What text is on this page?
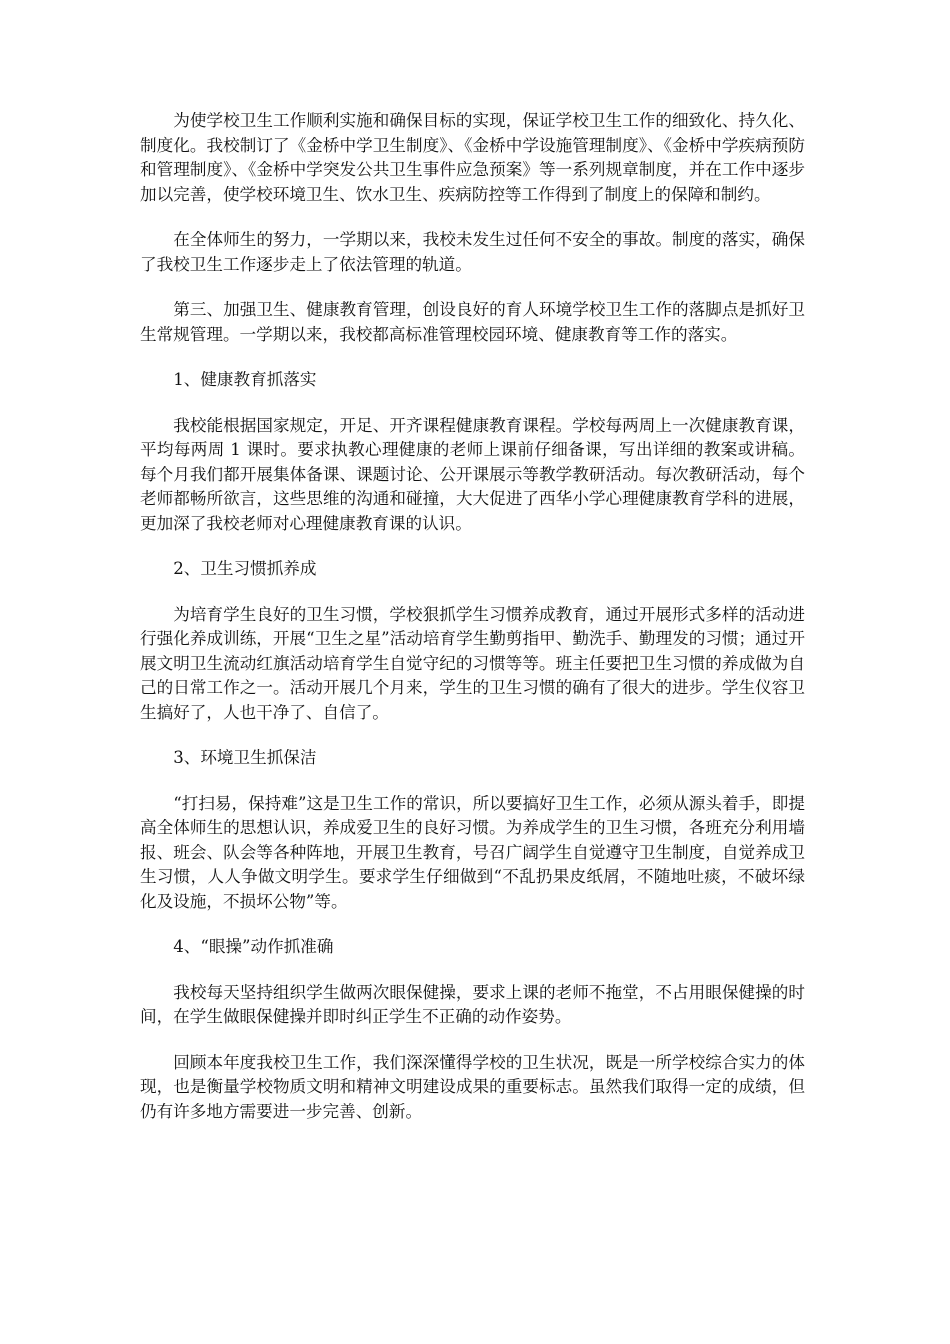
为使学校卫生工作顺利实施和确保目标的实现，保证学校卫生工作的细致化、持久化、制度化。我校制订了《金桥中学卫生制度》、《金桥中学设施管理制度》、《金桥中学疾病预防和管理制度》、《金桥中学突发公共卫生事件应急预案》等一系列规章制度，并在工作中逐步加以完善，使学校环境卫生、饮水卫生、疾病防控等工作得到了制度上的保障和制约。

在全体师生的努力，一学期以来，我校未发生过任何不安全的事故。制度的落实，确保了我校卫生工作逐步走上了依法管理的轨道。

第三、加强卫生、健康教育管理，创设良好的育人环境学校卫生工作的落脚点是抓好卫生常规管理。一学期以来，我校都高标准管理校园环境、健康教育等工作的落实。

1、健康教育抓落实

我校能根据国家规定，开足、开齐课程健康教育课程。学校每两周上一次健康教育课，平均每两周 1 课时。要求执教心理健康的老师上课前仔细备课，写出详细的教案或讲稿。每个月我们都开展集体备课、课题讨论、公开课展示等教学教研活动。每次教研活动，每个老师都畅所欲言，这些思维的沟通和碰撞，大大促进了西华小学心理健康教育学科的进展，更加深了我校老师对心理健康教育课的认识。

2、卫生习惯抓养成

为培育学生良好的卫生习惯，学校狠抓学生习惯养成教育，通过开展形式多样的活动进行强化养成训练，开展“卫生之星”活动培育学生勤剪指甲、勤洗手、勤理发的习惯；通过开展文明卫生流动红旗活动培育学生自觉守纪的习惯等等。班主任要把卫生习惯的养成做为自己的日常工作之一。活动开展几个月来，学生的卫生习惯的确有了很大的进步。学生仪容卫生搞好了，人也干净了、自信了。

3、环境卫生抓保洁

“打扫易，保持难”这是卫生工作的常识，所以要搞好卫生工作，必须从源头着手，即提高全体师生的思想认识，养成爱卫生的良好习惯。为养成学生的卫生习惯，各班充分利用墙报、班会、队会等各种阵地，开展卫生教育，号召广阔学生自觉遵守卫生制度，自觉养成卫生习惯，人人争做文明学生。要求学生仔细做到“不乱扔果皮纸屑，不随地吐痰，不破坏绿化及设施，不损坏公物”等。

4、“眼操”动作抓准确

我校每天坚持组织学生做两次眼保健操，要求上课的老师不拖堂，不占用眼保健操的时间，在学生做眼保健操并即时纠正学生不正确的动作姿势。

回顾本年度我校卫生工作，我们深深懂得学校的卫生状况，既是一所学校综合实力的体现，也是衡量学校物质文明和精神文明建设成果的重要标志。虽然我们取得一定的成绩，但仍有许多地方需要进一步完善、创新。
